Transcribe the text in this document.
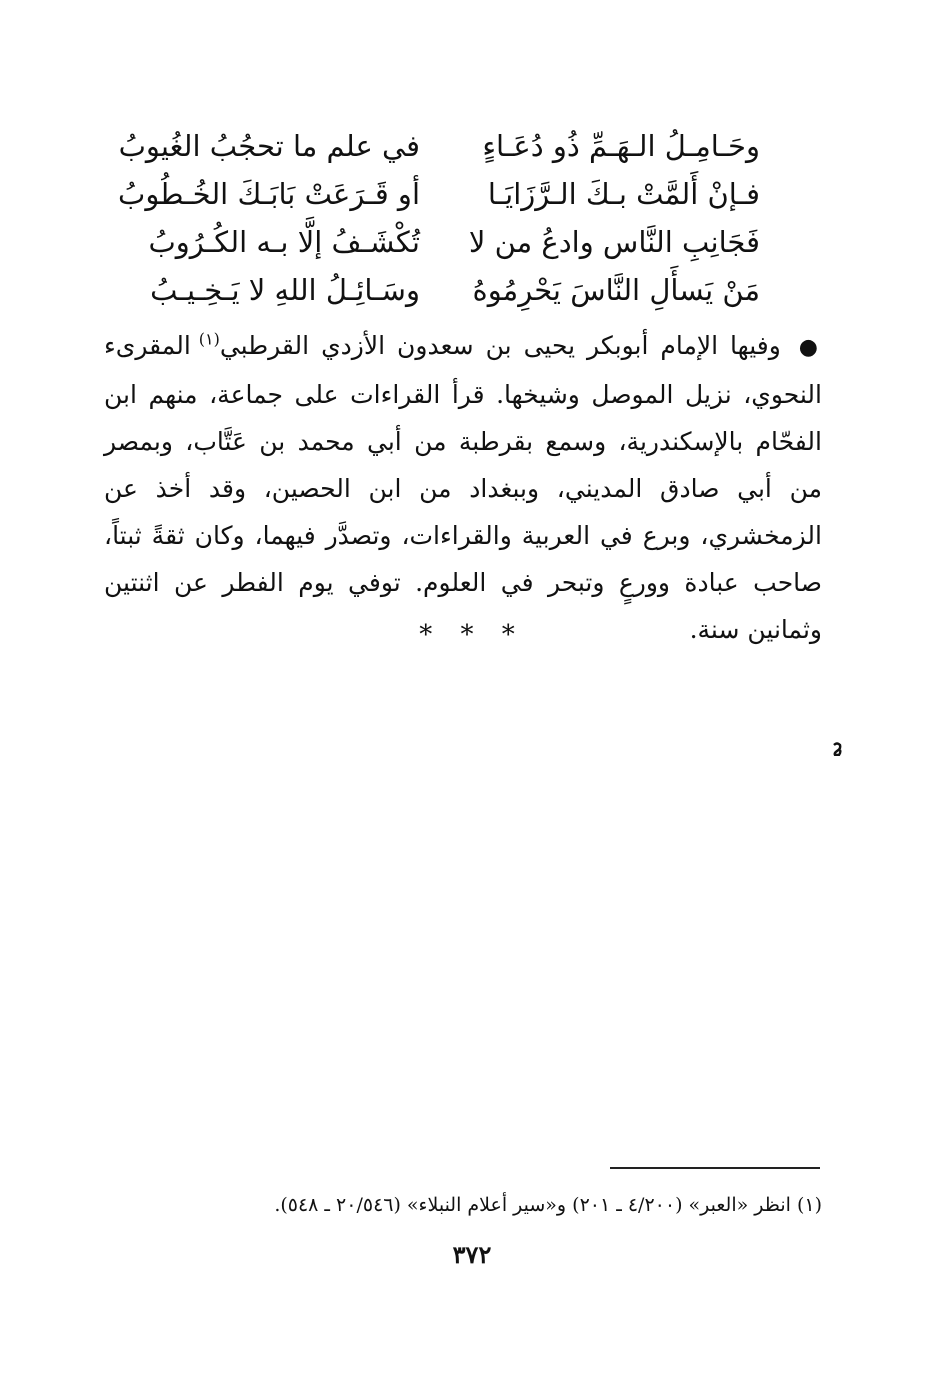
وحَـامِـلُ الـهَـمِّ ذُو دُعَـاءٍ
في علم ما تحجُبُ الغُيوبُ
فـإنْ أَلمَّتْ بـكَ الـرَّزَايَـا
أو قَـرَعَتْ بَابَـكَ الخُـطُوبُ
فَجَانِبِ النَّاس وادعُ من لا
تُكْشَـفُ إلَّا بـه الكُـرُوبُ
مَنْ يَسأَلِ النَّاسَ يَحْرِمُوهُ
وسَـائِـلُ اللهِ لا يَـخِـيـبُ
● وفيها الإمام أبوبكر يحيى بن سعدون الأزدي القرطبي$^{(١)}$ المقرىء النحوي، نزيل الموصل وشيخها. قرأ القراءات على جماعة، منهم ابن الفحّام بالإسكندرية، وسمع بقرطبة من أبي محمد بن عَتَّاب، وبمصر من أبي صادق المديني، وببغداد من ابن الحصين، وقد أخذ عن الزمخشري، وبرع في العربية والقراءات، وتصدَّر فيهما، وكان ثقةً ثبتاً، صاحب عبادة وورعٍ وتبحر في العلوم. توفي يوم الفطر عن اثنتين وثمانين سنة.
* * *
(١) انظر «العبر» (٤/٢٠٠ ـ ٢٠١) و«سير أعلام النبلاء» (٢٠/٥٤٦ ـ ٥٤٨).
٣٧٢
